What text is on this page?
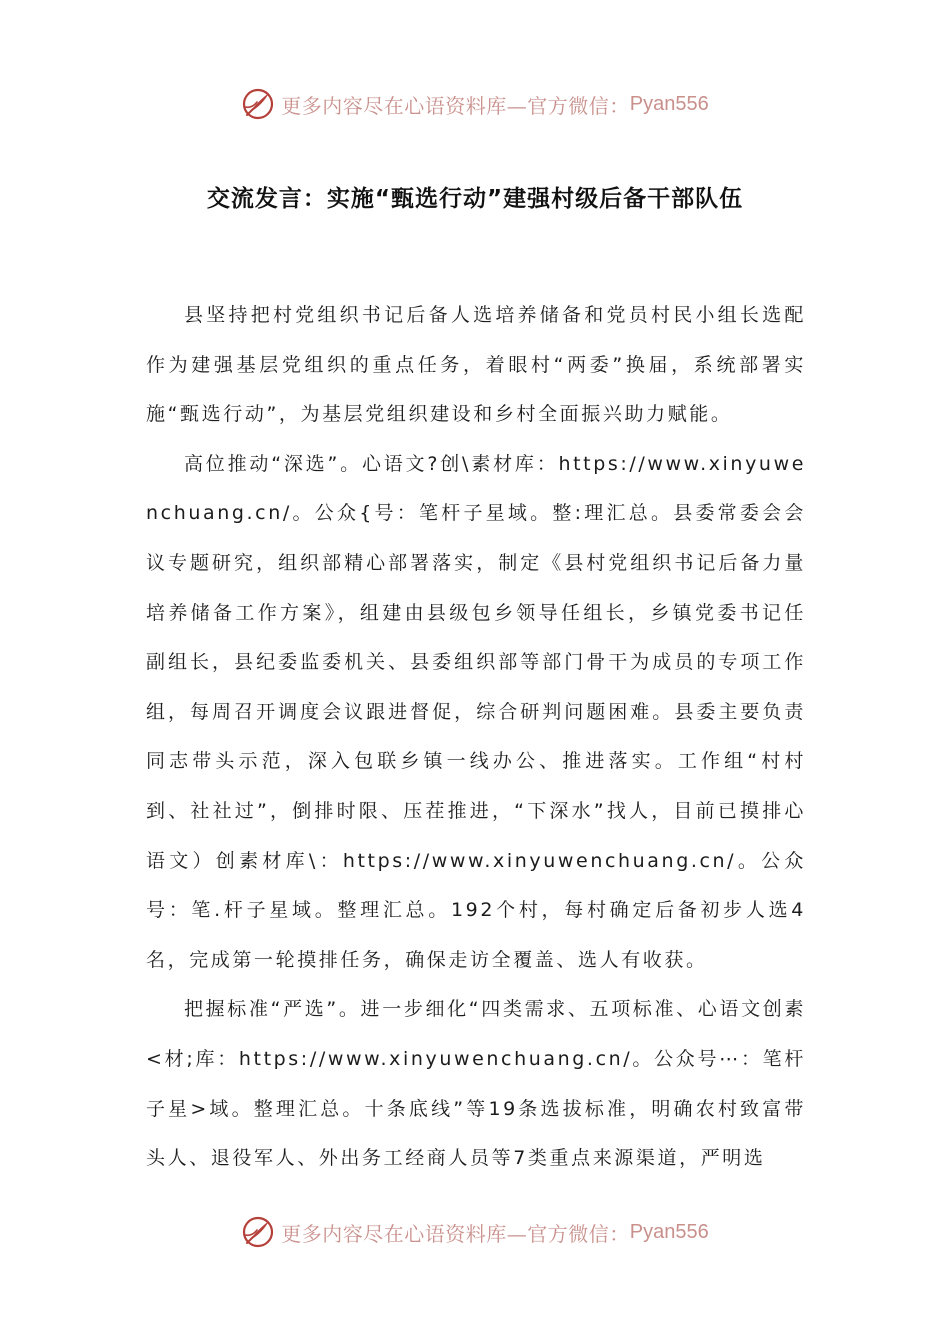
更多内容尽在心语资料库—官方微信： Pyan556
交流发言：实施“甄选行动”建强村级后备干部队伍

县坚持把村党组织书记后备人选培养储备和党员村民小组长选配作为建强基层党组织的重点任务，着眼村“两委”换届，系统部署实施“甄选行动”，为基层党组织建设和乡村全面振兴助力赋能。

高位推动“深选”。心语文?创\素材库：https://www.xinyuwenchuang.cn/。公众{号：笔杆子星域。整:理汇总。县委常委会会议专题研究，组织部精心部署落实，制定《县村党组织书记后备力量培养储备工作方案》，组建由县级包乡领导任组长，乡镇党委书记任副组长，县纪委监委机关、县委组织部等部门骨干为成员的专项工作组，每周召开调度会议跟进督促，综合研判问题困难。县委主要负责同志带头示范，深入包联乡镇一线办公、推进落实。工作组“村村到、社社过”，倒排时限、压茬推进，“下深水”找人，目前已摸排心语文）创素材库\：https://www.xinyuwenchuang.cn/。公众号：笔.杆子星域。整理汇总。192个村，每村确定后备初步人选4名，完成第一轮摸排任务，确保走访全覆盖、选人有收获。

把握标准“严选”。进一步细化“四类需求、五项标准、心语文创素<材;库：https://www.xinyuwenchuang.cn/。公众号⋯：笔杆子星>域。整理汇总。十条底线”等19条选拔标准，明确农村致富带头人、退役军人、外出务工经商人员等7类重点来源渠道，严明选

更多内容尽在心语资料库—官方微信： Pyan556
